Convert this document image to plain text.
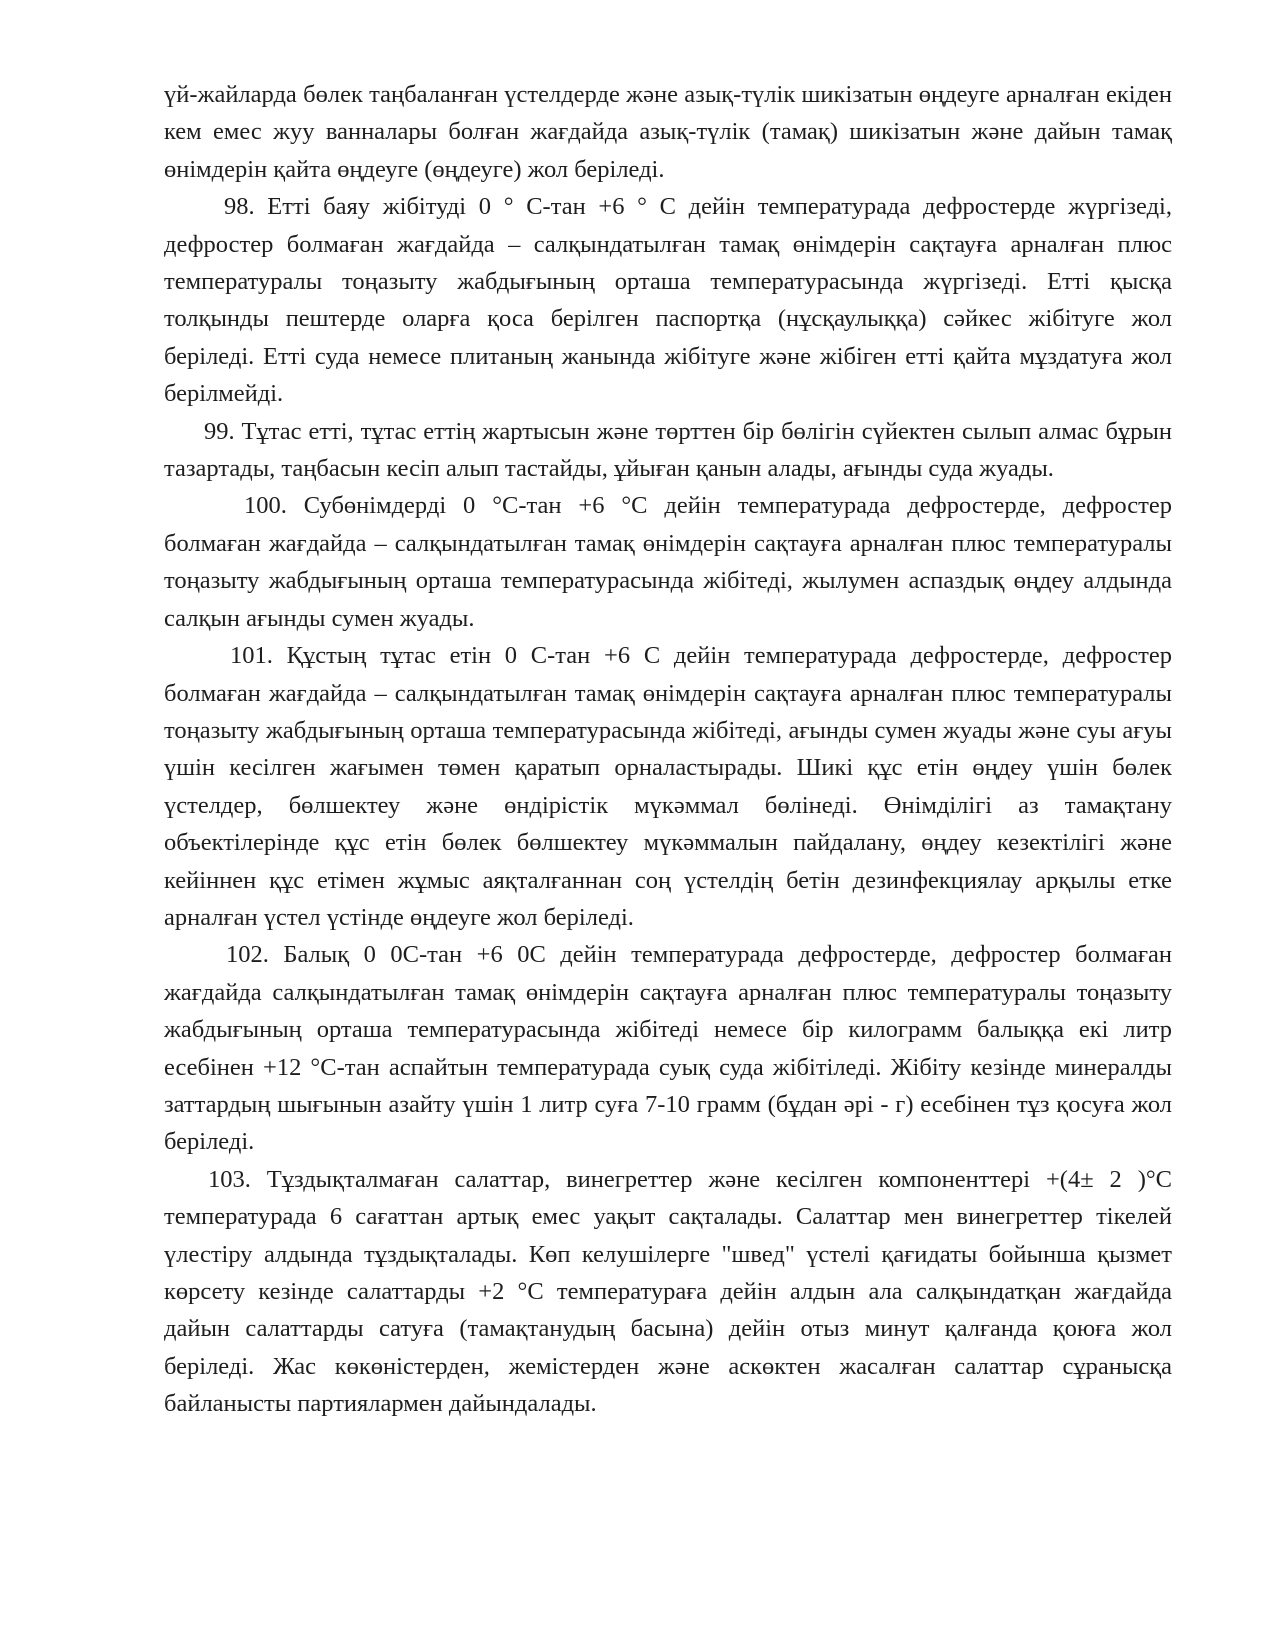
үй-жайларда бөлек таңбаланған үстелдерде және азық-түлік шикізатын өңдеуге арналған екіден кем емес жуу ванналары болған жағдайда азық-түлік (тамақ) шикізатын және дайын тамақ өнімдерін қайта өңдеуге (өңдеуге) жол беріледі.

98. Етті баяу жібітуді 0 ° С-тан +6 ° С дейін температурада дефростерде жүргізеді, дефростер болмаған жағдайда – салқындатылған тамақ өнімдерін сақтауға арналған плюс температуралы тоңазыту жабдығының орташа температурасында жүргізеді. Етті қысқа толқынды пештерде оларға қоса берілген паспортқа (нұсқаулыққа) сәйкес жібітуге жол беріледі. Етті суда немесе плитаның жанында жібітуге және жібіген етті қайта мұздатуға жол берілмейді.

99. Тұтас етті, тұтас еттің жартысын және төрттен бір бөлігін сүйектен сылып алмас бұрын тазартады, таңбасын кесіп алып тастайды, ұйыған қанын алады, ағынды суда жуады.

100. Субөнімдерді 0 °С-тан +6 °С дейін температурада дефростерде, дефростер болмаған жағдайда – салқындатылған тамақ өнімдерін сақтауға арналған плюс температуралы тоңазыту жабдығының орташа температурасында жібітеді, жылумен аспаздық өңдеу алдында салқын ағынды сумен жуады.

101. Құстың тұтас етін 0 С-тан +6 С дейін температурада дефростерде, дефростер болмаған жағдайда – салқындатылған тамақ өнімдерін сақтауға арналған плюс температуралы тоңазыту жабдығының орташа температурасында жібітеді, ағынды сумен жуады және суы ағуы үшін кесілген жағымен төмен қаратып орналастырады. Шикі құс етін өңдеу үшін бөлек үстелдер, бөлшектеу және өндірістік мүкәммал бөлінеді. Өнімділігі аз тамақтану объектілерінде құс етін бөлек бөлшектеу мүкәммалын пайдалану, өңдеу кезектілігі және кейіннен құс етімен жұмыс аяқталғаннан соң үстелдің бетін дезинфекциялау арқылы етке арналған үстел үстінде өңдеуге жол беріледі.

102. Балық 0 0С-тан +6 0С дейін температурада дефростерде, дефростер болмаған жағдайда салқындатылған тамақ өнімдерін сақтауға арналған плюс температуралы тоңазыту жабдығының орташа температурасында жібітеді немесе бір килограмм балыққа екі литр есебінен +12 °С-тан аспайтын температурада суық суда жібітіледі. Жібіту кезінде минералды заттардың шығынын азайту үшін 1 литр суға 7-10 грамм (бұдан әрі - г) есебінен тұз қосуға жол беріледі.

103. Тұздықталмаған салаттар, винегреттер және кесілген компоненттері +(4± 2 )°С температурада 6 сағаттан артық емес уақыт сақталады. Салаттар мен винегреттер тікелей үлестіру алдында тұздықталады. Көп келушілерге "швед" үстелі қағидаты бойынша қызмет көрсету кезінде салаттарды +2 °С температураға дейін алдын ала салқындатқан жағдайда дайын салаттарды сатуға (тамақтанудың басына) дейін отыз минут қалғанда қоюға жол беріледі. Жас көкөністерден, жемістерден және аскөктен жасалған салаттар сұранысқа байланысты партиялармен дайындалады.
